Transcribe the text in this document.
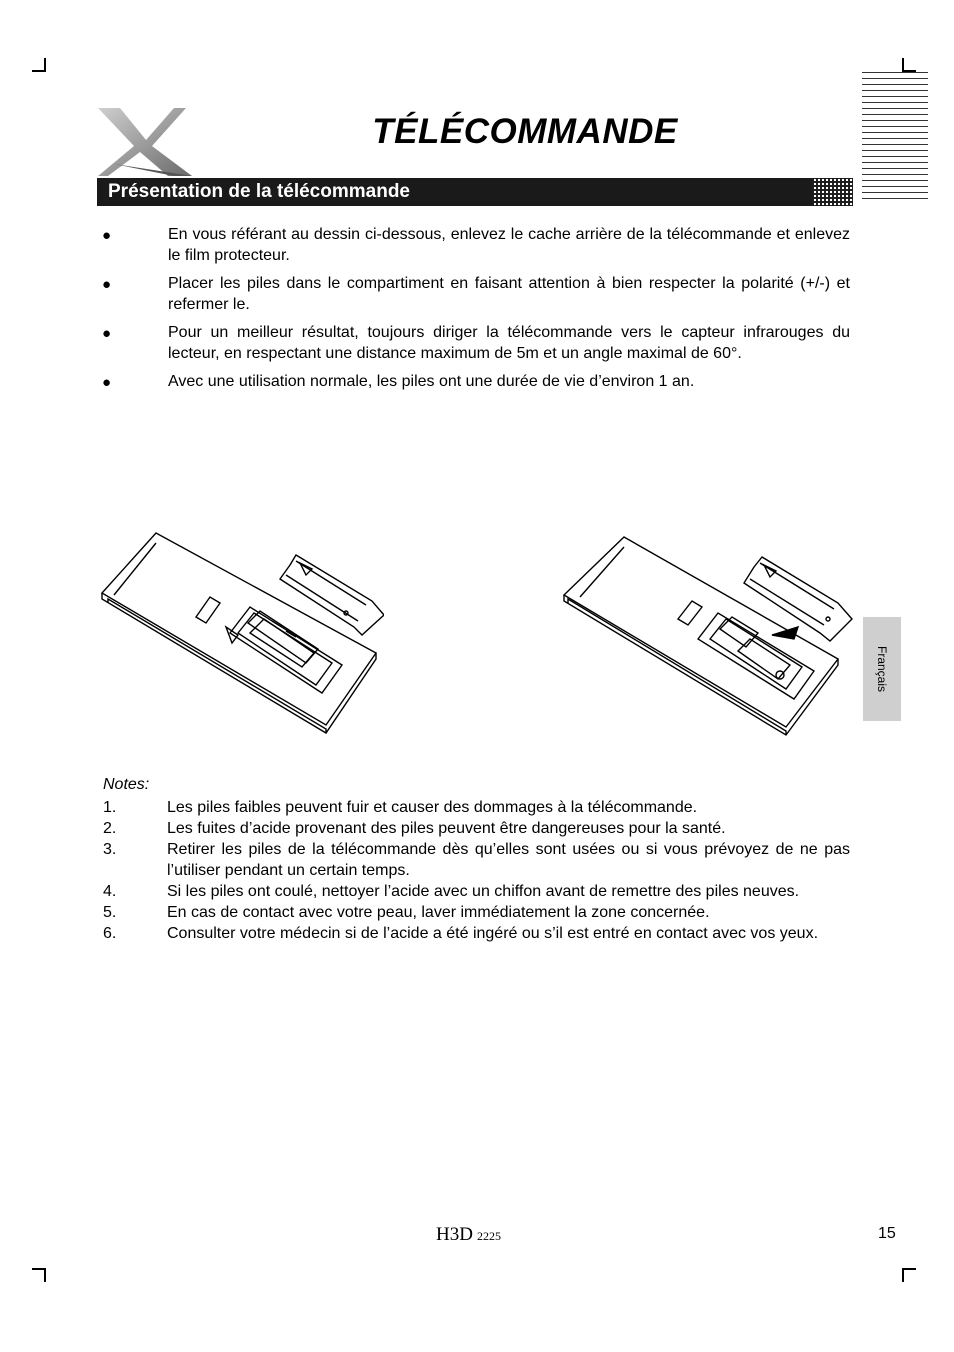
TÉLÉCOMMANDE
Présentation de la télécommande
●	En vous référant au dessin ci-dessous, enlevez le cache arrière de la télécommande et enlevez le film protecteur.
●	Placer les piles dans le compartiment en faisant attention à bien respecter la polarité (+/-) et refermer le.
●	Pour un meilleur résultat, toujours diriger la télécommande vers le capteur infrarouges du lecteur, en respectant une distance maximum de 5m et un angle maximal de 60°.
●	Avec une utilisation normale, les piles ont une durée de vie d’environ 1 an.
Français
Notes:
1.	Les piles faibles peuvent fuir et causer des dommages à la télécommande.
2.	Les fuites d’acide provenant des piles peuvent être dangereuses pour la santé.
3.	Retirer les piles de la télécommande dès qu’elles sont usées ou si vous prévoyez de ne pas l’utiliser pendant un certain temps.
4.	Si les piles ont coulé, nettoyer l’acide avec un chiffon avant de remettre des piles neuves.
5.	En cas de contact avec votre peau, laver immédiatement la zone concernée.
6.	Consulter votre médecin si de l’acide a été ingéré ou s’il est entré en contact avec vos yeux.
H3D 2225	15
